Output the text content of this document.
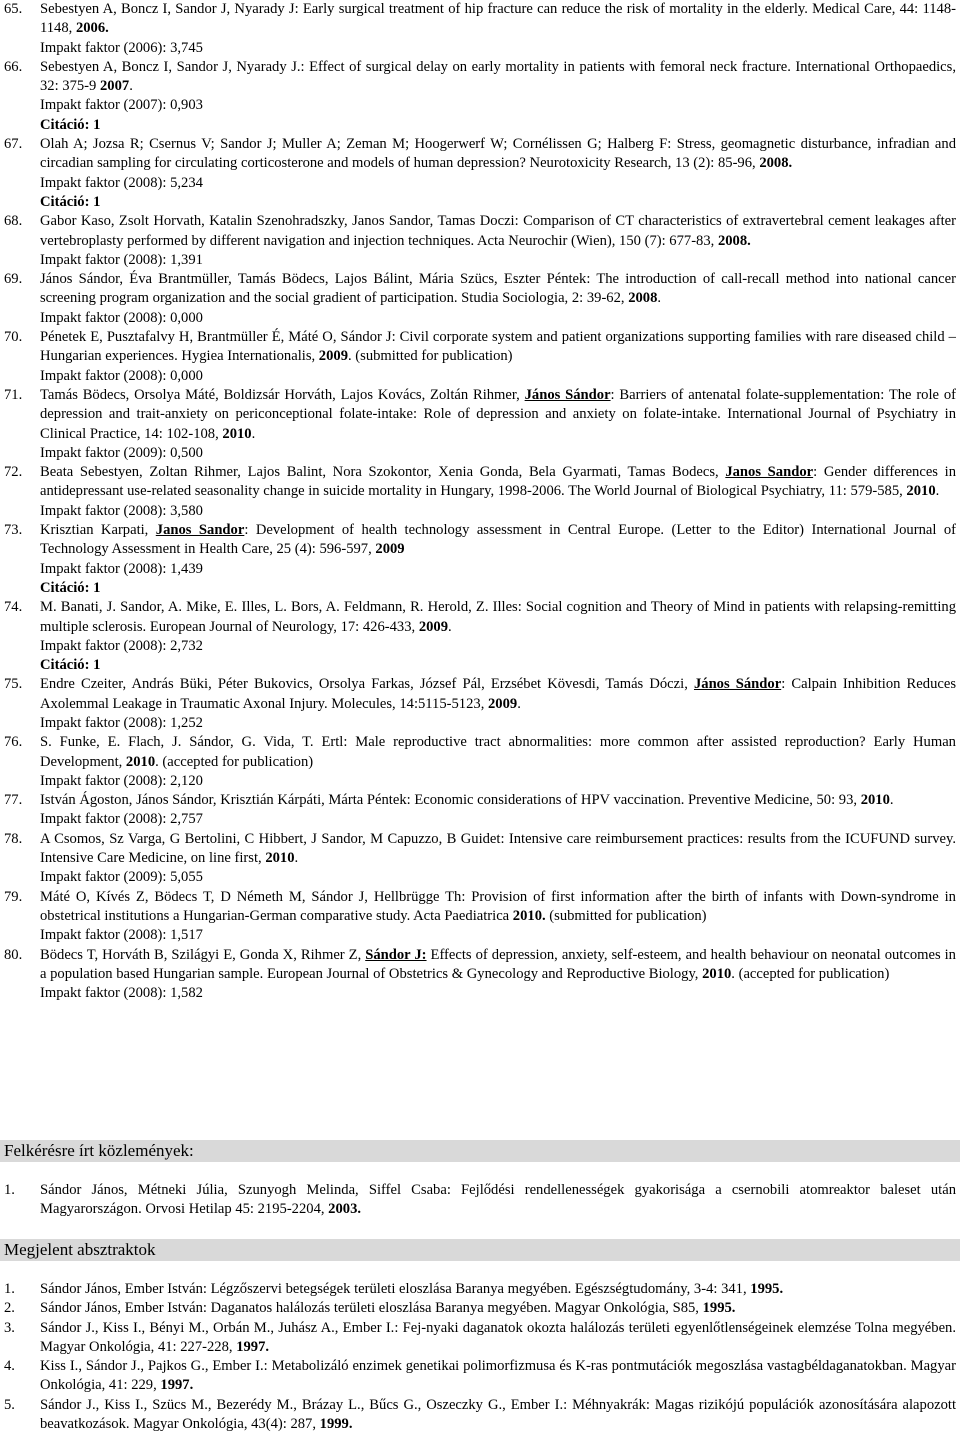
65. Sebestyen A, Boncz I, Sandor J, Nyarady J: Early surgical treatment of hip fracture can reduce the risk of mortality in the elderly. Medical Care, 44: 1148-1148, 2006.
Impakt faktor (2006): 3,745
66. Sebestyen A, Boncz I, Sandor J, Nyarady J.: Effect of surgical delay on early mortality in patients with femoral neck fracture. International Orthopaedics, 32: 375-9 2007.
Impakt faktor (2007): 0,903
Citáció: 1
67. Olah A; Jozsa R; Csernus V; Sandor J; Muller A; Zeman M; Hoogerwerf W; Cornélissen G; Halberg F: Stress, geomagnetic disturbance, infradian and circadian sampling for circulating corticosterone and models of human depression? Neurotoxicity Research, 13 (2): 85-96, 2008.
Impakt faktor (2008): 5,234
Citáció: 1
68. Gabor Kaso, Zsolt Horvath, Katalin Szenohradszky, Janos Sandor, Tamas Doczi: Comparison of CT characteristics of extravertebral cement leakages after vertebroplasty performed by different navigation and injection techniques. Acta Neurochir (Wien), 150 (7): 677-83, 2008.
Impakt faktor (2008): 1,391
69. János Sándor, Éva Brantmüller, Tamás Bödecs, Lajos Bálint, Mária Szücs, Eszter Péntek: The introduction of call-recall method into national cancer screening program organization and the social gradient of participation. Studia Sociologia, 2: 39-62, 2008.
Impakt faktor (2008): 0,000
70. Pénetek E, Pusztafalvy H, Brantmüller É, Máté O, Sándor J: Civil corporate system and patient organizations supporting families with rare diseased child – Hungarian experiences. Hygiea Internationalis, 2009. (submitted for publication)
Impakt faktor (2008): 0,000
71. Tamás Bödecs, Orsolya Máté, Boldizsár Horváth, Lajos Kovács, Zoltán Rihmer, János Sándor: Barriers of antenatal folate-supplementation: The role of depression and trait-anxiety on periconceptional folate-intake: Role of depression and anxiety on folate-intake. International Journal of Psychiatry in Clinical Practice, 14: 102-108, 2010.
Impakt faktor (2009): 0,500
72. Beata Sebestyen, Zoltan Rihmer, Lajos Balint, Nora Szokontor, Xenia Gonda, Bela Gyarmati, Tamas Bodecs, Janos Sandor: Gender differences in antidepressant use-related seasonality change in suicide mortality in Hungary, 1998-2006. The World Journal of Biological Psychiatry, 11: 579-585, 2010.
Impakt faktor (2008): 3,580
73. Krisztian Karpati, Janos Sandor: Development of health technology assessment in Central Europe. (Letter to the Editor) International Journal of Technology Assessment in Health Care, 25 (4): 596-597, 2009
Impakt faktor (2008): 1,439
Citáció: 1
74. M. Banati, J. Sandor, A. Mike, E. Illes, L. Bors, A. Feldmann, R. Herold, Z. Illes: Social cognition and Theory of Mind in patients with relapsing-remitting multiple sclerosis. European Journal of Neurology, 17: 426-433, 2009.
Impakt faktor (2008): 2,732
Citáció: 1
75. Endre Czeiter, András Büki, Péter Bukovics, Orsolya Farkas, József Pál, Erzsébet Kövesdi, Tamás Dóczi, János Sándor: Calpain Inhibition Reduces Axolemmal Leakage in Traumatic Axonal Injury. Molecules, 14:5115-5123, 2009.
Impakt faktor (2008): 1,252
76. S. Funke, E. Flach, J. Sándor, G. Vida, T. Ertl: Male reproductive tract abnormalities: more common after assisted reproduction? Early Human Development, 2010. (accepted for publication)
Impakt faktor (2008): 2,120
77. István Ágoston, János Sándor, Krisztián Kárpáti, Márta Péntek: Economic considerations of HPV vaccination. Preventive Medicine, 50: 93, 2010.
Impakt faktor (2008): 2,757
78. A Csomos, Sz Varga, G Bertolini, C Hibbert, J Sandor, M Capuzzo, B Guidet: Intensive care reimbursement practices: results from the ICUFUND survey. Intensive Care Medicine, on line first, 2010.
Impakt faktor (2009): 5,055
79. Máté O, Kívés Z, Bödecs T, D Németh M, Sándor J, Hellbrügge Th: Provision of first information after the birth of infants with Down-syndrome in obstetrical institutions a Hungarian-German comparative study. Acta Paediatrica 2010. (submitted for publication)
Impakt faktor (2008): 1,517
80. Bödecs T, Horváth B, Szilágyi E, Gonda X, Rihmer Z, Sándor J: Effects of depression, anxiety, self-esteem, and health behaviour on neonatal outcomes in a population based Hungarian sample. European Journal of Obstetrics & Gynecology and Reproductive Biology, 2010. (accepted for publication)
Impakt faktor (2008): 1,582
Felkérésre írt közlemények:
1. Sándor János, Métneki Júlia, Szunyogh Melinda, Siffel Csaba: Fejlődési rendellenességek gyakorisága a csernobili atomreaktor baleset után Magyarországon. Orvosi Hetilap 45: 2195-2204, 2003.
Megjelent absztraktok
1. Sándor János, Ember István: Légzőszervi betegségek területi eloszlása Baranya megyében. Egészségtudomány, 3-4: 341, 1995.
2. Sándor János, Ember István: Daganatos halálozás területi eloszlása Baranya megyében. Magyar Onkológia, S85, 1995.
3. Sándor J., Kiss I., Bényi M., Orbán M., Juhász A., Ember I.: Fej-nyaki daganatok okozta halálozás területi egyenlőtlenségeinek elemzése Tolna megyében. Magyar Onkológia, 41: 227-228, 1997.
4. Kiss I., Sándor J., Pajkos G., Ember I.: Metabolizáló enzimek genetikai polimorfizmusa és K-ras pontmutációk megoszlása vastagbéldaganatokban. Magyar Onkológia, 41: 229, 1997.
5. Sándor J., Kiss I., Szücs M., Bezerédy M., Brázay L., Bűcs G., Oszeczky G., Ember I.: Méhnyakrák: Magas rizikójú populációk azonosítására alapozott beavatkozások. Magyar Onkológia, 43(4): 287, 1999.
